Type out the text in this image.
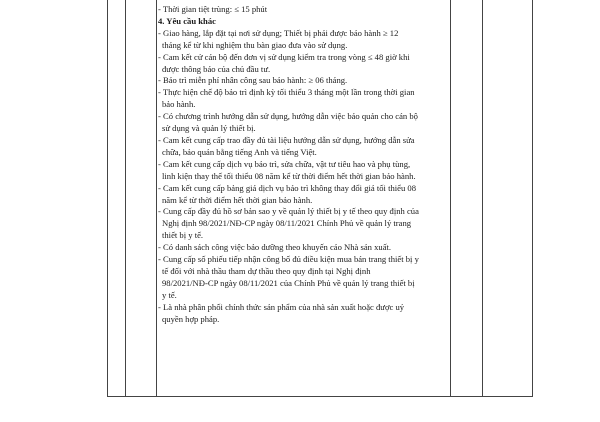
- Thời gian tiệt trùng: ≤ 15 phút
4. Yêu cầu khác
- Giao hàng, lắp đặt tại nơi sử dụng; Thiết bị phải được bảo hành ≥ 12
tháng kể từ khi nghiệm thu bàn giao đưa vào sử dụng.
- Cam kết cử cán bộ đến đơn vị sử dụng kiểm tra trong vòng ≤ 48 giờ khi
được thông báo của chủ đầu tư.
- Bảo trì miễn phí nhân công sau bảo hành: ≥ 06 tháng.
- Thực hiện chế độ bảo trì định kỳ tối thiểu 3 tháng một lần trong thời gian
bảo hành.
- Có chương trình hướng dẫn sử dụng, hướng dẫn việc bảo quản cho cán bộ
sử dụng và quản lý thiết bị.
- Cam kết cung cấp trao đầy đủ tài liệu hướng dẫn sử dụng, hướng dẫn sửa
chữa, bảo quản bằng tiếng Anh và tiếng Việt.
- Cam kết cung cấp dịch vụ bảo trì, sửa chữa, vật tư tiêu hao và phụ tùng,
linh kiện thay thế tối thiểu 08 năm kể từ thời điểm hết thời gian bảo hành.
- Cam kết cung cấp bảng giá dịch vụ bảo trì không thay đổi giá tối thiểu 08
năm kể từ thời điểm hết thời gian bảo hành.
- Cung cấp đầy đủ hồ sơ bản sao y về quản lý thiết bị y tế theo quy định của
Nghị định 98/2021/NĐ-CP ngày 08/11/2021 Chính Phủ về quản lý trang
thiết bị y tế.
- Có danh sách công việc bảo dưỡng theo khuyến cáo Nhà sản xuất.
- Cung cấp số phiếu tiếp nhận công bố đủ điều kiện mua bán trang thiết bị y
tế đối với nhà thầu tham dự thầu theo quy định tại Nghị định
98/2021/NĐ-CP ngày 08/11/2021 của Chính Phủ về quản lý trang thiết bị
y tế.
- Là nhà phân phối chính thức sản phẩm của nhà sản xuất hoặc được uỷ
quyền hợp pháp.
